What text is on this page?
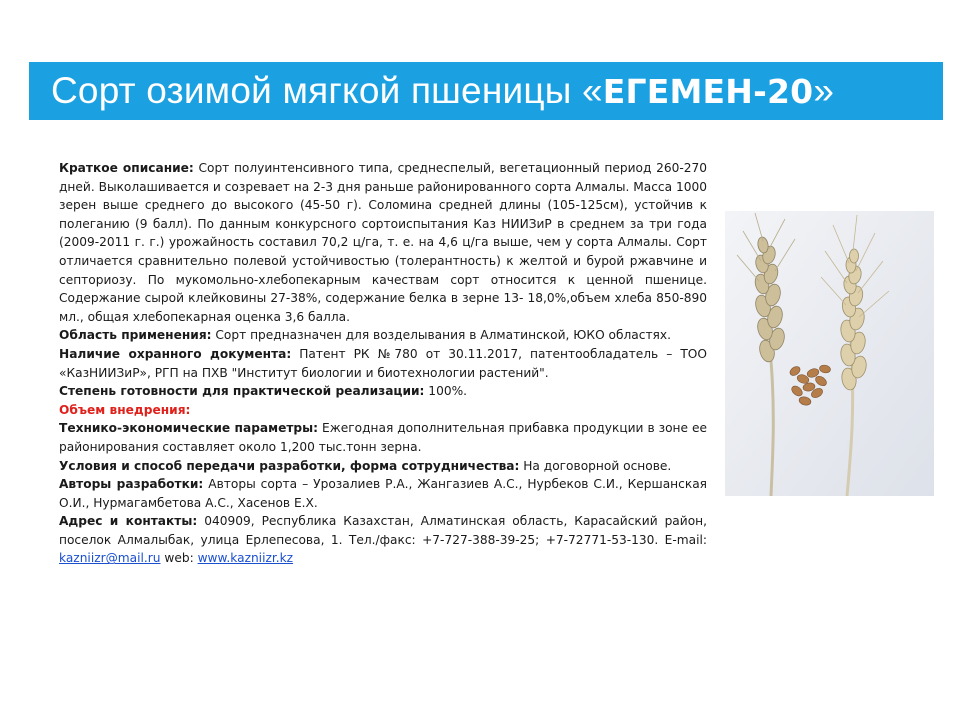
Сорт озимой мягкой пшеницы «ЕГЕМЕН-20»

Краткое описание: Сорт полуинтенсивного типа, среднеспелый, вегетационный период 260-270 дней. Выколашивается и созревает на 2-3 дня раньше районированного сорта Алмалы. Масса 1000 зерен выше среднего до высокого (45-50 г). Соломина средней длины (105-125см), устойчив к полеганию (9 балл). По данным конкурсного сортоиспытания Каз НИИЗиР в среднем за три года (2009-2011 г. г.) урожайность составил 70,2 ц/га, т. е. на 4,6 ц/га выше, чем у сорта Алмалы. Сорт отличается сравнительно полевой устойчивостью (толерантность) к желтой и бурой ржавчине и септориозу. По мукомольно-хлебопекарным качествам сорт относится к ценной пшенице. Содержание сырой клейковины 27-38%, содержание белка в зерне 13- 18,0%,объем хлеба 850-890 мл., общая хлебопекарная оценка 3,6 балла.

Область применения: Сорт предназначен для возделывания в Алматинской, ЮКО областях.

Наличие охранного документа: Патент РК №780 от 30.11.2017, патентообладатель – ТОО «КазНИИЗиР», РГП на ПХВ "Институт биологии и биотехнологии растений".

Степень готовности для практической реализации: 100%.

Объем внедрения:

Технико-экономические параметры: Ежегодная дополнительная прибавка продукции в зоне ее районирования составляет около 1,200 тыс.тонн зерна.

Условия и способ передачи разработки, форма сотрудничества: На договорной основе.

Авторы разработки: Авторы сорта – Урозалиев Р.А., Жангазиев А.С., Нурбеков С.И., Кершанская О.И., Нурмагамбетова А.С., Хасенов Е.Х.

Адрес и контакты: 040909, Республика Казахстан, Алматинская область, Карасайский район, поселок Алмалыбак, улица Ерлепесова, 1. Тел./факс: +7-727-388-39-25; +7-72771-53-130. E-mail: kazniizr@mail.ru web: www.kazniizr.kz
